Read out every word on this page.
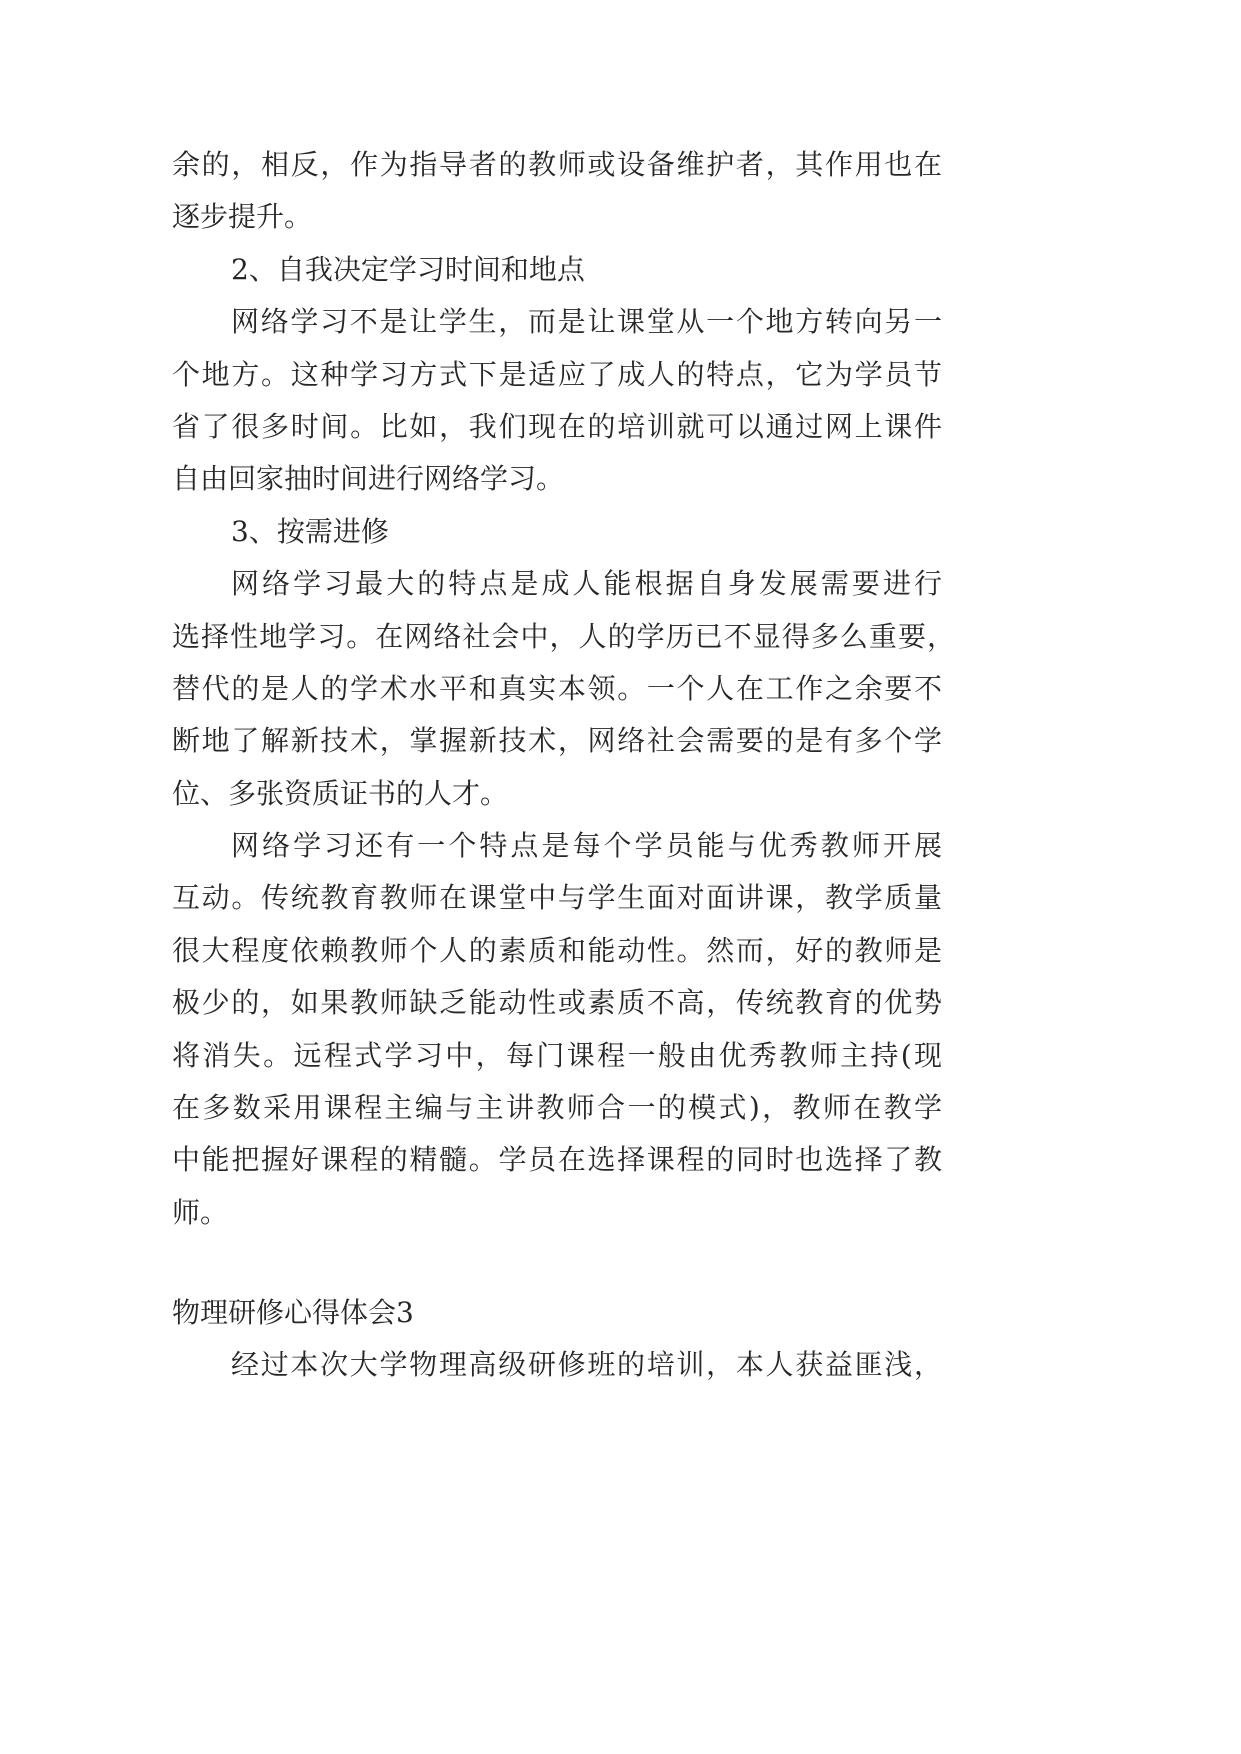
余的，相反，作为指导者的教师或设备维护者，其作用也在
逐步提升。
2、自我决定学习时间和地点
网络学习不是让学生，而是让课堂从一个地方转向另一
个地方。这种学习方式下是适应了成人的特点，它为学员节
省了很多时间。比如，我们现在的培训就可以通过网上课件
自由回家抽时间进行网络学习。
3、按需进修
网络学习最大的特点是成人能根据自身发展需要进行
选择性地学习。在网络社会中，人的学历已不显得多么重要，
替代的是人的学术水平和真实本领。一个人在工作之余要不
断地了解新技术，掌握新技术，网络社会需要的是有多个学
位、多张资质证书的人才。
网络学习还有一个特点是每个学员能与优秀教师开展
互动。传统教育教师在课堂中与学生面对面讲课，教学质量
很大程度依赖教师个人的素质和能动性。然而，好的教师是
极少的，如果教师缺乏能动性或素质不高，传统教育的优势
将消失。远程式学习中，每门课程一般由优秀教师主持(现
在多数采用课程主编与主讲教师合一的模式)，教师在教学
中能把握好课程的精髓。学员在选择课程的同时也选择了教
师。
物理研修心得体会3
经过本次大学物理高级研修班的培训，本人获益匪浅，
